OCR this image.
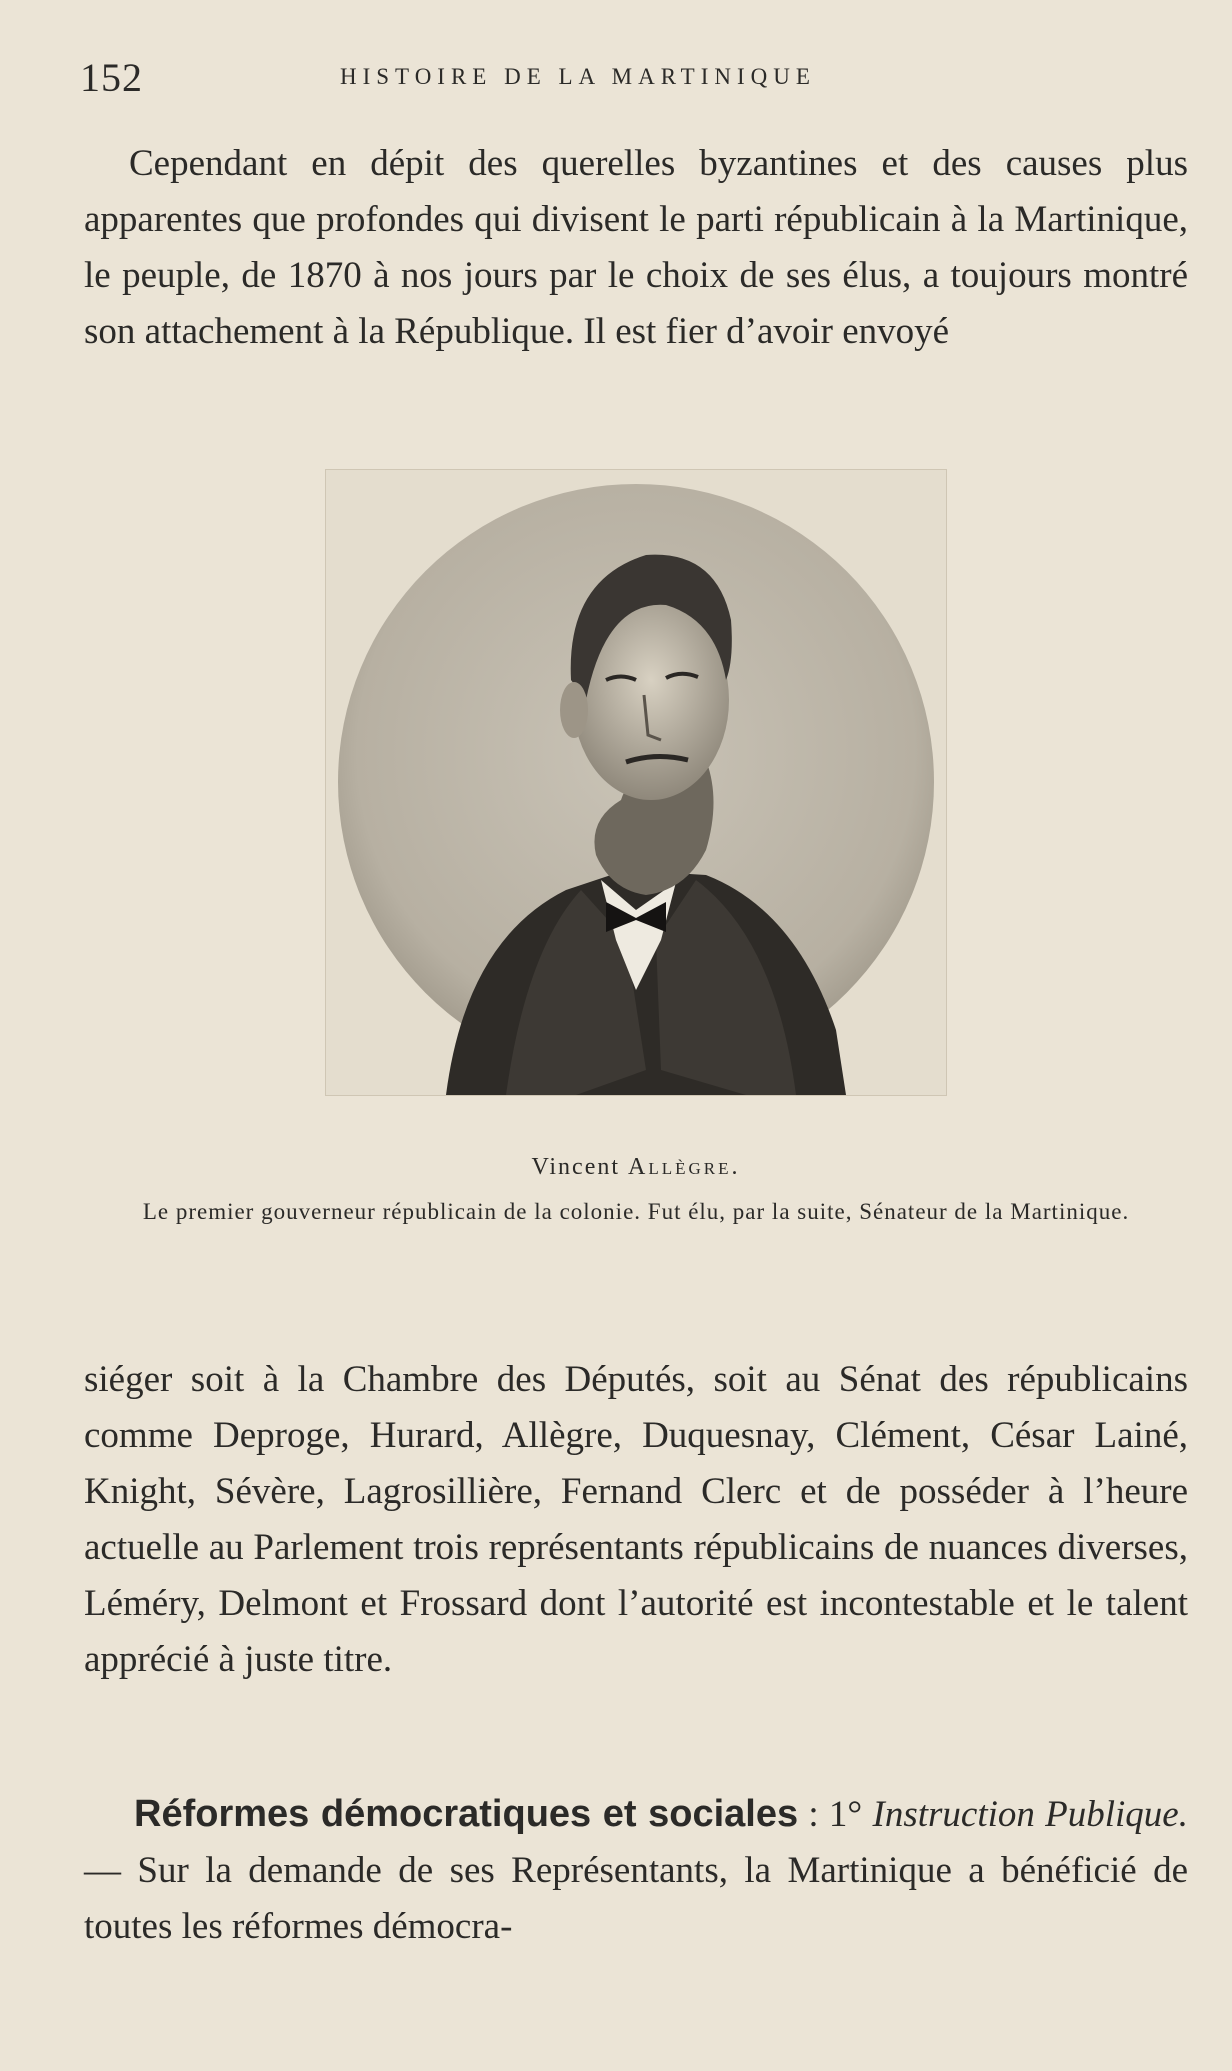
152	HISTOIRE DE LA MARTINIQUE

Cependant en dépit des querelles byzantines et des causes plus apparentes que profondes qui divisent le parti républicain à la Martinique, le peuple, de 1870 à nos jours par le choix de ses élus, a toujours montré son attachement à la République. Il est fier d’avoir envoyé

Vincent Allègre.

Le premier gouverneur républicain de la colonie. Fut élu, par la suite, Sénateur de la Martinique.

siéger soit à la Chambre des Députés, soit au Sénat des républicains comme Deproge, Hurard, Allègre, Duquesnay, Clément, César Lainé, Knight, Sévère, Lagrosillière, Fernand Clerc et de posséder à l’heure actuelle au Parlement trois représentants républicains de nuances diverses, Léméry, Delmont et Frossard dont l’autorité est incontestable et le talent apprécié à juste titre.

Réformes démocratiques et sociales : 1° Instruction Publique. — Sur la demande de ses Représentants, la Martinique a bénéficié de toutes les réformes démocra-
